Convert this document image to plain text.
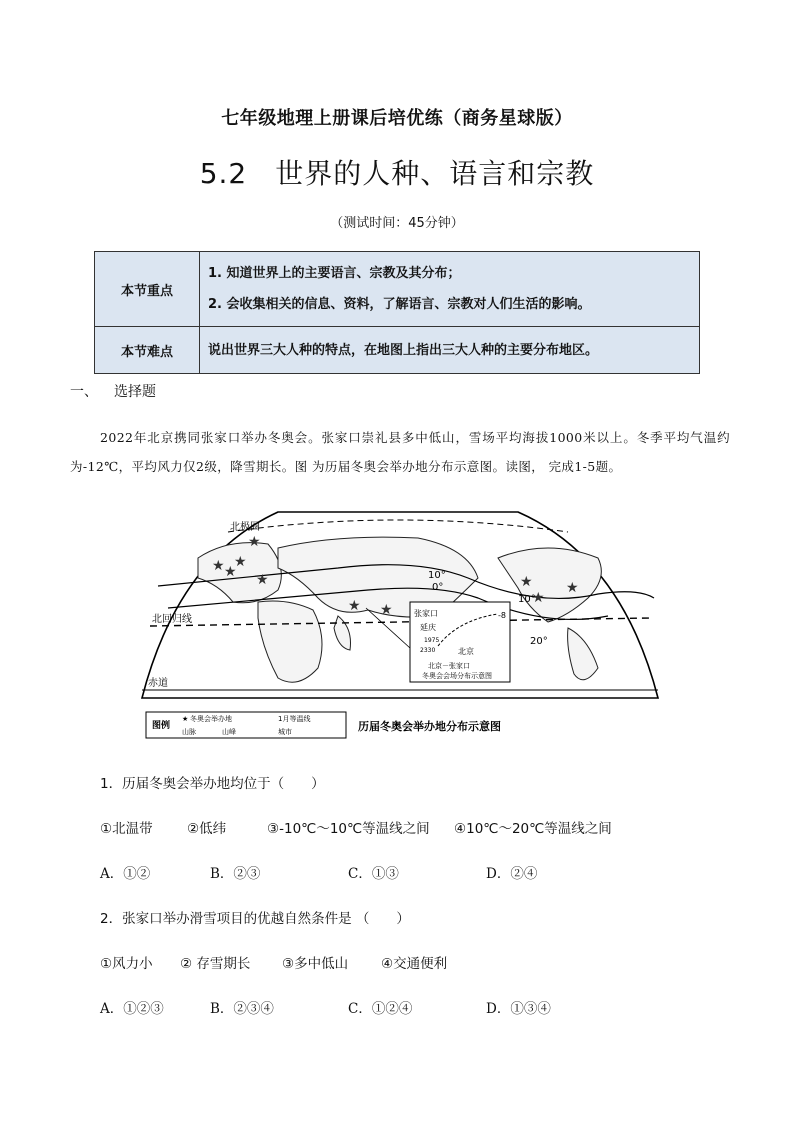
七年级地理上册课后培优练（商务星球版）
5.2 世界的人种、语言和宗教
（测试时间：45分钟）
本节重点	1. 知道世界上的主要语言、宗教及其分布；
2. 会收集相关的信息、资料，了解语言、宗教对人们生活的影响。

本节难点	说出世界三大人种的特点，在地图上指出三大人种的主要分布地区。
一、 选择题
2022年北京携同张家口举办冬奥会。张家口崇礼县多中低山，雪场平均海拔1000米以上。冬季平均气温约为-12℃，平均风力仅2级，降雪期长。图 为历届冬奥会举办地分布示意图。读图， 完成1-5题。
★ ★
★
★
★
★ ★
★
★
★
北极圈
北回归线
赤道
10°
0°
10°
20°
张家口
延庆
北京
1975
2330
-8
北京－张家口
冬奥会会场分布示意图
图例
★ 冬奥会举办地	1月等温线
山脉	山峰	城市	历届冬奥会举办地分布示意图
1．历届冬奥会举办地均位于（　　）
①北温带	②低纬	③-10℃～10℃等温线之间 ④10℃～20℃等温线之间
A．①②	B．②③	C．①③	D．②④
2．张家口举办滑雪项目的优越自然条件是 （　　）
①风力小 ② 存雪期长 ③多中低山 ④交通便利
A．①②③	B．②③④	C．①②④	D．①③④
